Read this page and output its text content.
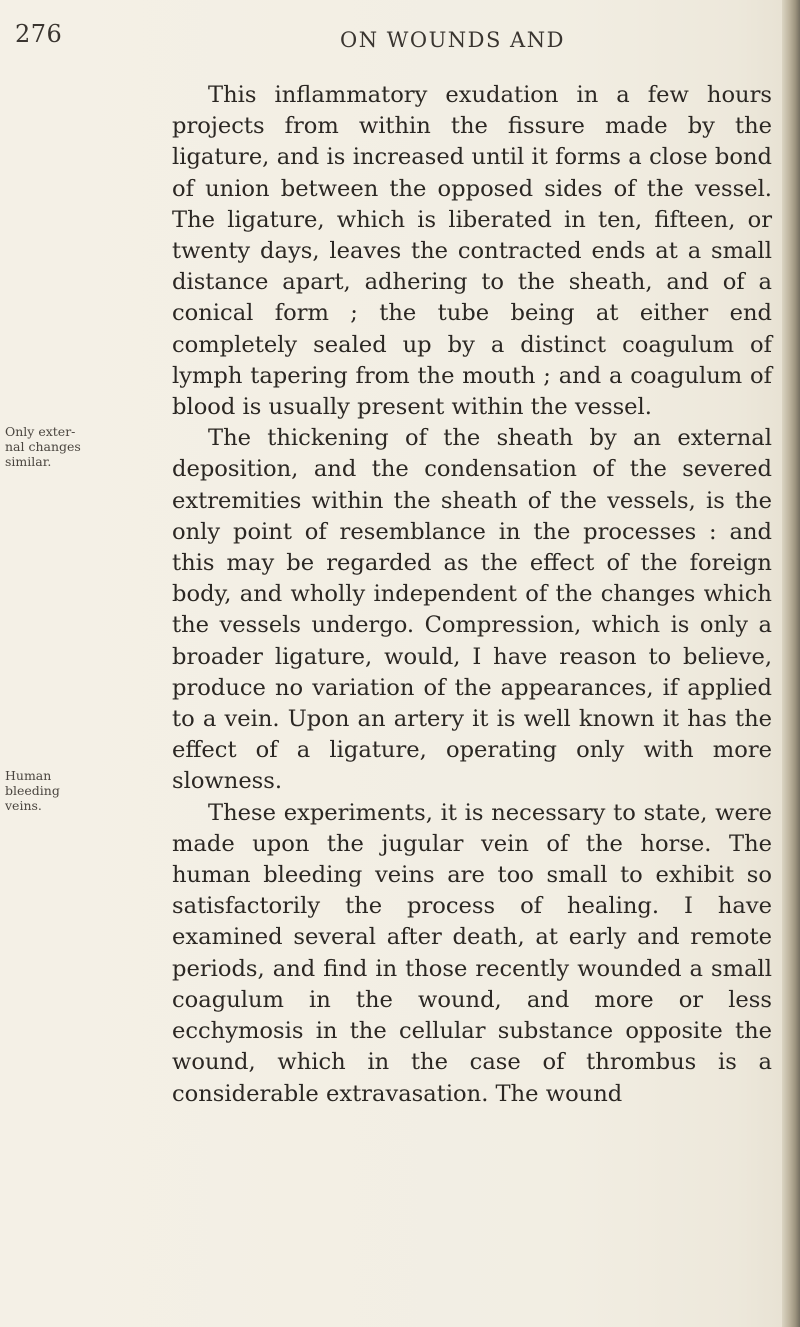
276	ON WOUNDS AND
Only exter-
nal changes
similar.
Human
bleeding
veins.

This inflammatory exudation in a few hours projects from within the fissure made by the ligature, and is increased until it forms a close bond of union between the opposed sides of the vessel. The ligature, which is liberated in ten, fifteen, or twenty days, leaves the contracted ends at a small distance apart, adhering to the sheath, and of a conical form ; the tube being at either end completely sealed up by a distinct coagulum of lymph tapering from the mouth ; and a coagulum of blood is usually present within the vessel.

The thickening of the sheath by an external deposition, and the condensation of the severed extremities within the sheath of the vessels, is the only point of resemblance in the processes : and this may be regarded as the effect of the foreign body, and wholly independent of the changes which the vessels undergo. Compression, which is only a broader ligature, would, I have reason to believe, produce no variation of the appearances, if applied to a vein. Upon an artery it is well known it has the effect of a ligature, operating only with more slowness.

These experiments, it is necessary to state, were made upon the jugular vein of the horse. The human bleeding veins are too small to exhibit so satisfactorily the process of healing. I have examined several after death, at early and remote periods, and find in those recently wounded a small coagulum in the wound, and more or less ecchymosis in the cellular substance opposite the wound, which in the case of thrombus is a considerable extravasation. The wound
